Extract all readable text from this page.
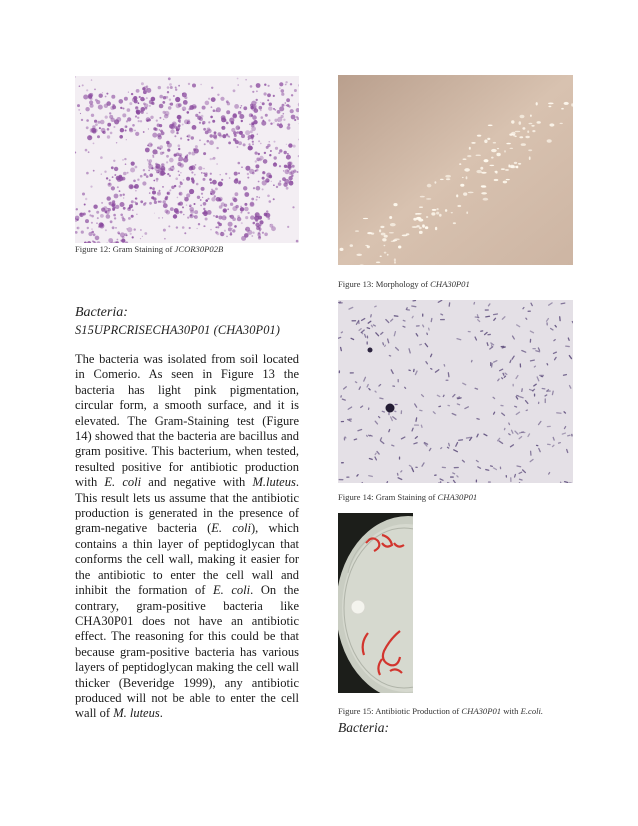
Figure 12: Gram Staining of JCOR30P02B
Figure 13: Morphology of CHA30P01
Figure 14: Gram Staining of CHA30P01
Figure 15: Antibiotic Production of CHA30P01 with E.coli.
Bacteria:
S15UPRCRISECHA30P01 (CHA30P01)
The bacteria was isolated from soil located in Comerio. As seen in Figure 13 the bacteria has light pink pigmentation, circular form, a smooth surface, and it is elevated. The Gram-Staining test (Figure 14) showed that the bacteria are bacillus and gram positive. This bacterium, when tested, resulted positive for antibiotic production with E. coli and negative with M.luteus. This result lets us assume that the antibiotic production is generated in the presence of gram-negative bacteria (E. coli), which contains a thin layer of peptidoglycan that conforms the cell wall, making it easier for the antibiotic to enter the cell wall and inhibit the formation of E. coli. On the contrary, gram-positive bacteria like CHA30P01 does not have an antibiotic effect. The reasoning for this could be that because gram-positive bacteria has various layers of peptidoglycan making the cell wall thicker (Beveridge 1999), any antibiotic produced will not be able to enter the cell wall of M. luteus.
Bacteria:
